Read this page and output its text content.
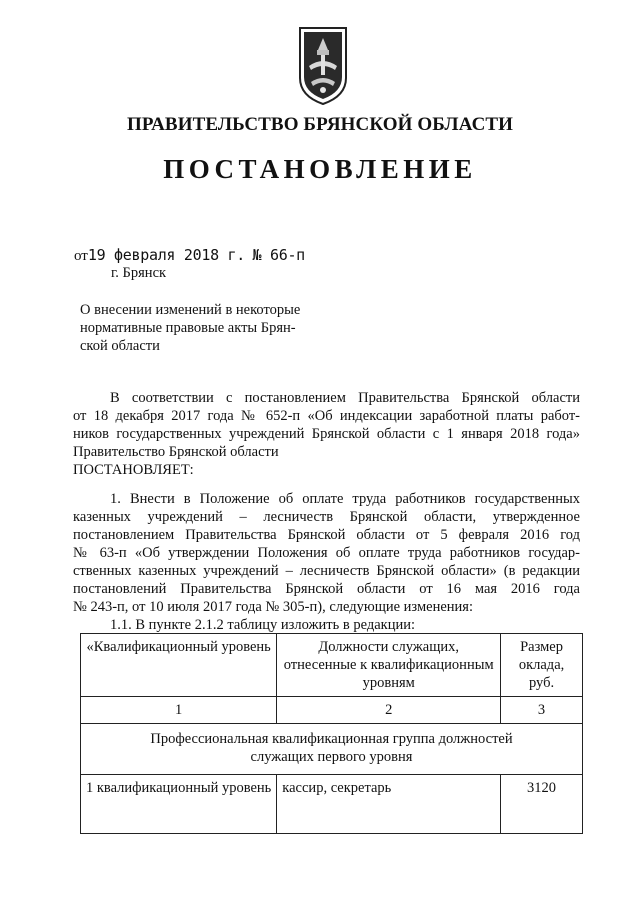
ПРАВИТЕЛЬСТВО БРЯНСКОЙ ОБЛАСТИ
ПОСТАНОВЛЕНИЕ
от19 февраля 2018 г. № 66-п
г. Брянск
О внесении изменений в некоторые
нормативные правовые акты Брян-
ской области
В соответствии с постановлением Правительства Брянской области
от 18 декабря 2017 года № 652-п «Об индексации заработной платы работ-
ников государственных учреждений Брянской области с 1 января 2018 года»
Правительство Брянской области
ПОСТАНОВЛЯЕТ:
1. Внести в Положение об оплате труда работников государственных
казенных учреждений – лесничеств Брянской области, утвержденное
постановлением Правительства Брянской области от 5 февраля 2016 год
№ 63-п «Об утверждении Положения об оплате труда работников государ-
ственных казенных учреждений – лесничеств Брянской области» (в редакции
постановлений Правительства Брянской области от 16 мая 2016 года
№ 243-п, от 10 июля 2017 года № 305-п), следующие изменения:
1.1. В пункте 2.1.2 таблицу изложить в редакции:
«Квалификационный уровень	Должности служащих, отнесенные к квалификационным уровням	Размер оклада, руб.
1	2	3
Профессиональная квалификационная группа должностей служащих первого уровня		

1 квалификационный уровень	кассир, секретарь	3120
